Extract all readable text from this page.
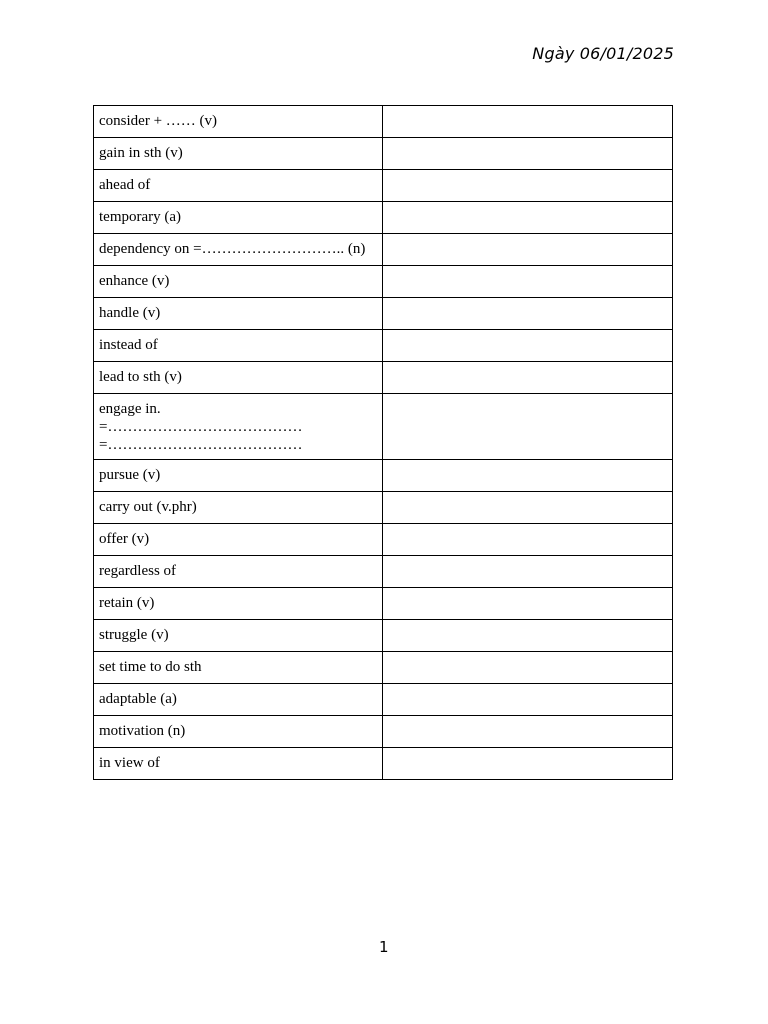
Ngày 06/01/2025
consider + …… (v)	
gain in sth (v)	
ahead of	
temporary (a)	
dependency on =……………………….. (n)	
enhance (v)	
handle (v)	
instead of	
lead to sth (v)	
engage in.
=…………………………………
=…………………………………	
pursue (v)	
carry out (v.phr)	
offer (v)	
regardless of	
retain (v)	
struggle (v)	
set time to do sth	
adaptable (a)	
motivation (n)	
in view of	
1
